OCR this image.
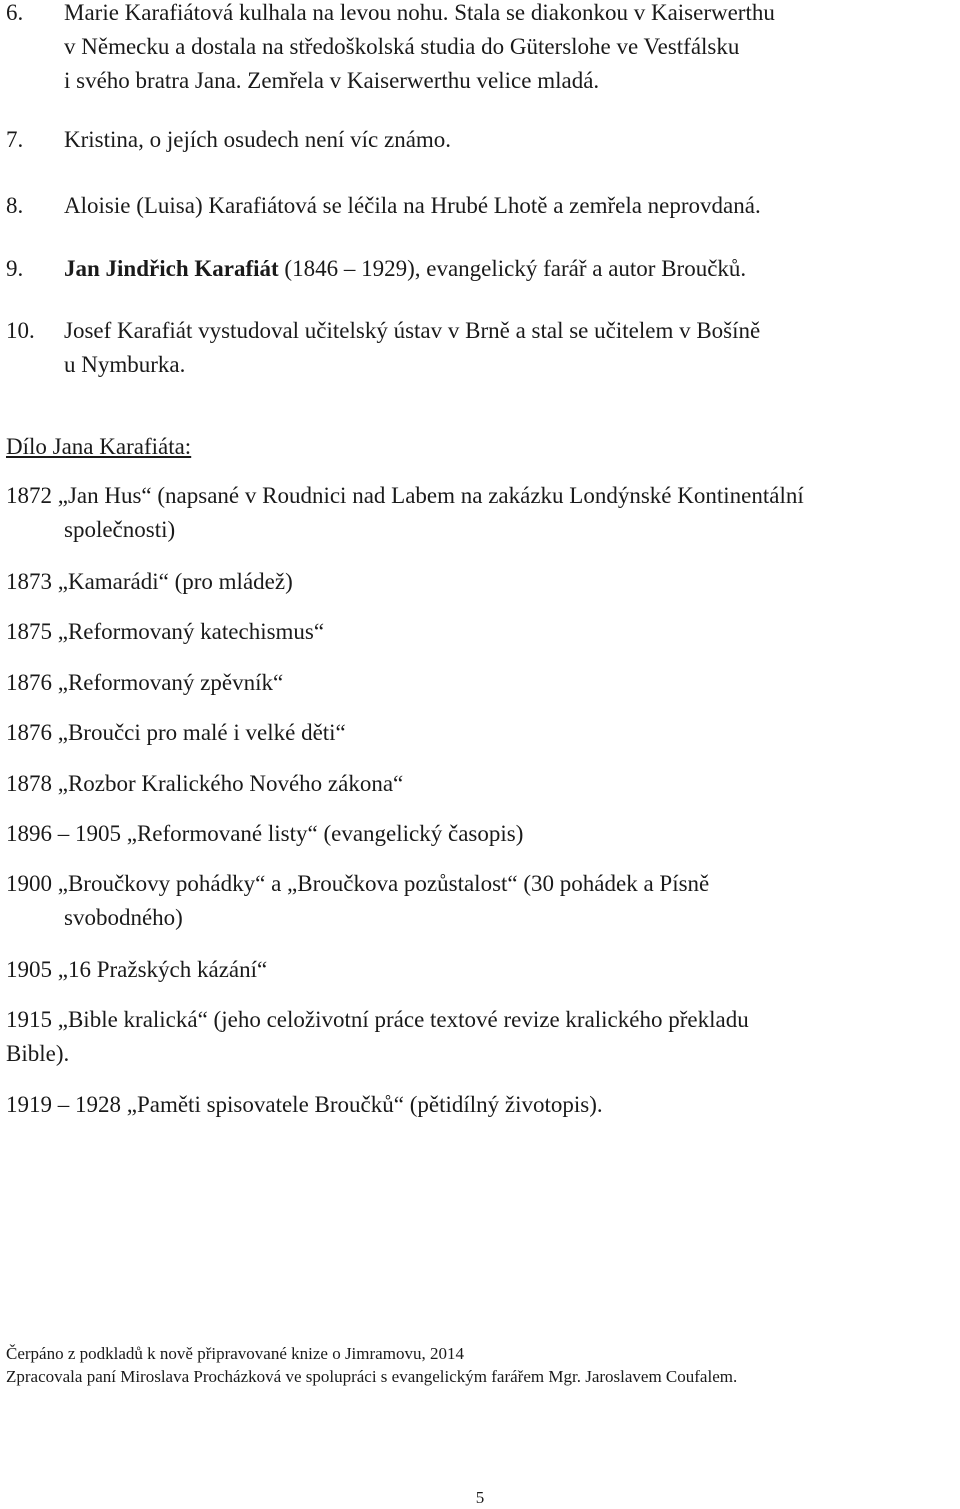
6. Marie Karafiátová kulhala na levou nohu. Stala se diakonkou v Kaiserwerthu
v Německu a dostala na středoškolská studia do Güterslohe ve Vestfálsku
i svého bratra Jana. Zemřela v Kaiserwerthu velice mladá.
7. Kristina, o jejích osudech není víc známo.
8. Aloisie (Luisa) Karafiátová se léčila na Hrubé Lhotě a zemřela neprovdaná.
9. Jan Jindřich Karafiát (1846 – 1929), evangelický farář a autor Broučků.
10. Josef Karafiát vystudoval učitelský ústav v Brně a stal se učitelem v Bošíně
u Nymburka.
Dílo Jana Karafiáta:
1872 „Jan Hus“ (napsané v Roudnici nad Labem na zakázku Londýnské Kontinentální
společnosti)
1873 „Kamarádi“ (pro mládež)
1875 „Reformovaný katechismus“
1876 „Reformovaný zpěvník“
1876 „Broučci pro malé i velké děti“
1878 „Rozbor Kralického Nového zákona“
1896 – 1905 „Reformované listy“ (evangelický časopis)
1900 „Broučkovy pohádky“ a „Broučkova pozůstalost“ (30 pohádek a Písně
svobodného)
1905 „16 Pražských kázání“
1915 „Bible kralická“ (jeho celoživotní práce textové revize kralického překladu
Bible).
1919 – 1928 „Paměti spisovatele Broučků“ (pětidílný životopis).
Čerpáno z podkladů k nově připravované knize o Jimramovu, 2014
Zpracovala paní Miroslava Procházková ve spolupráci s evangelickým farářem Mgr. Jaroslavem Coufalem.
5
